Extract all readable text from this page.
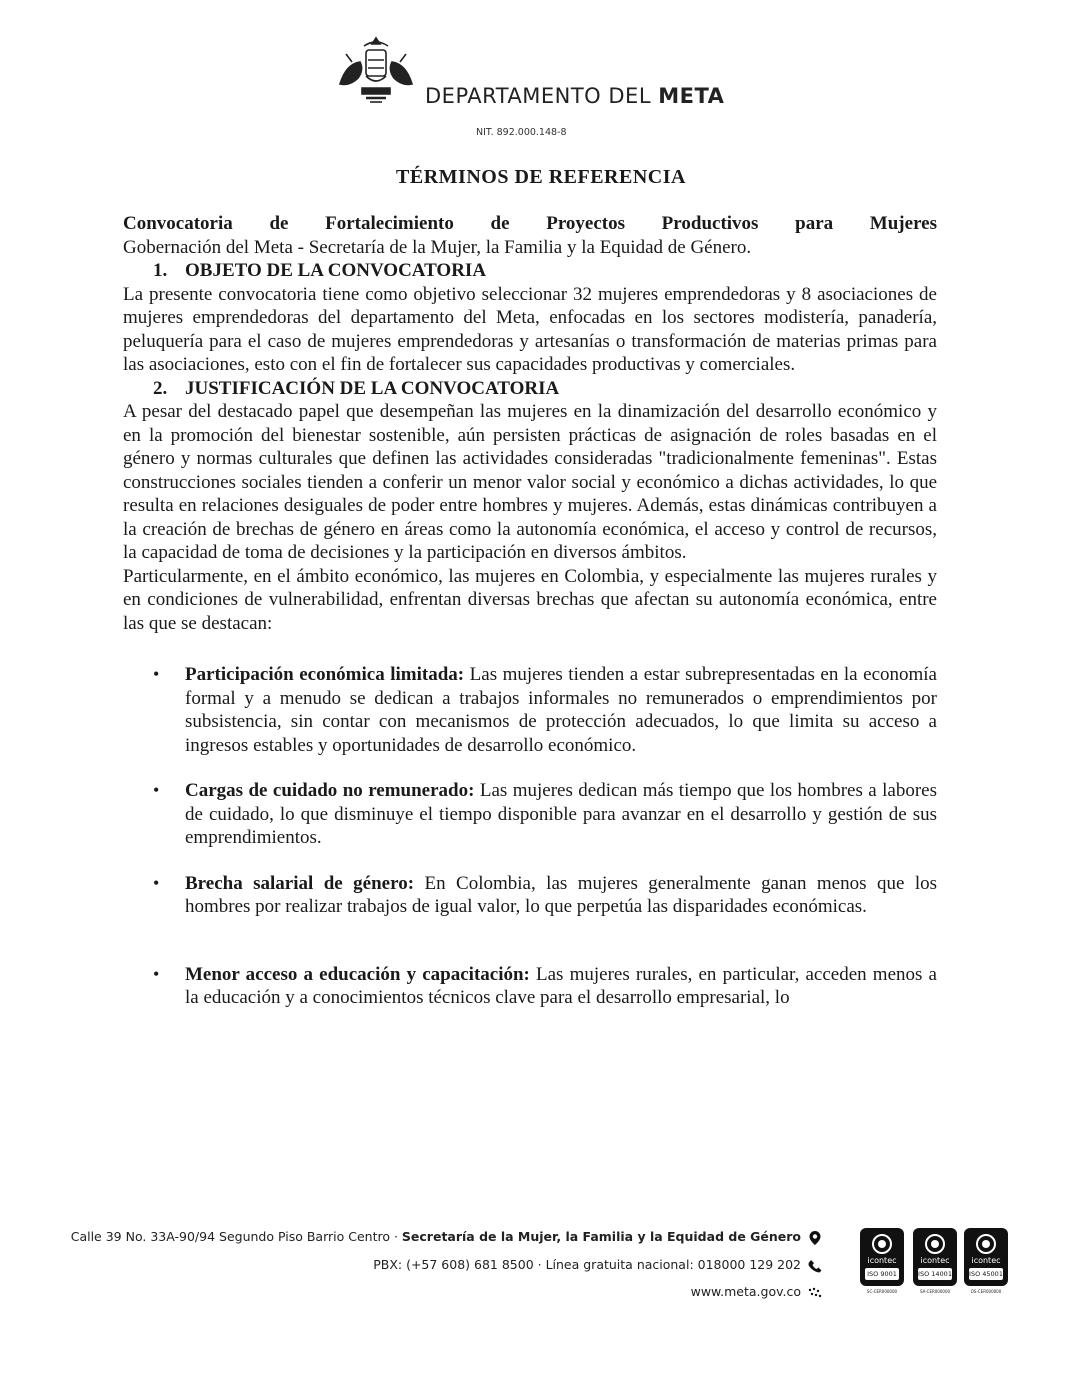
DEPARTAMENTO DEL META
NIT. 892.000.148-8
TÉRMINOS DE REFERENCIA

Convocatoria de Fortalecimiento de Proyectos Productivos para Mujeres
Gobernación del Meta - Secretaría de la Mujer, la Familia y la Equidad de Género.

1. OBJETO DE LA CONVOCATORIA

La presente convocatoria tiene como objetivo seleccionar 32 mujeres emprendedoras y 8 asociaciones de mujeres emprendedoras del departamento del Meta, enfocadas en los sectores modistería, panadería, peluquería para el caso de mujeres emprendedoras y artesanías o transformación de materias primas para las asociaciones, esto con el fin de fortalecer sus capacidades productivas y comerciales.

2. JUSTIFICACIÓN DE LA CONVOCATORIA

A pesar del destacado papel que desempeñan las mujeres en la dinamización del desarrollo económico y en la promoción del bienestar sostenible, aún persisten prácticas de asignación de roles basadas en el género y normas culturales que definen las actividades consideradas "tradicionalmente femeninas". Estas construcciones sociales tienden a conferir un menor valor social y económico a dichas actividades, lo que resulta en relaciones desiguales de poder entre hombres y mujeres. Además, estas dinámicas contribuyen a la creación de brechas de género en áreas como la autonomía económica, el acceso y control de recursos, la capacidad de toma de decisiones y la participación en diversos ámbitos.

Particularmente, en el ámbito económico, las mujeres en Colombia, y especialmente las mujeres rurales y en condiciones de vulnerabilidad, enfrentan diversas brechas que afectan su autonomía económica, entre las que se destacan:

• Participación económica limitada: Las mujeres tienden a estar subrepresentadas en la economía formal y a menudo se dedican a trabajos informales no remunerados o emprendimientos por subsistencia, sin contar con mecanismos de protección adecuados, lo que limita su acceso a ingresos estables y oportunidades de desarrollo económico.
• Cargas de cuidado no remunerado: Las mujeres dedican más tiempo que los hombres a labores de cuidado, lo que disminuye el tiempo disponible para avanzar en el desarrollo y gestión de sus emprendimientos.
• Brecha salarial de género: En Colombia, las mujeres generalmente ganan menos que los hombres por realizar trabajos de igual valor, lo que perpetúa las disparidades económicas.
• Menor acceso a educación y capacitación: Las mujeres rurales, en particular, acceden menos a la educación y a conocimientos técnicos clave para el desarrollo empresarial, lo
Calle 39 No. 33A-90/94 Segundo Piso Barrio Centro · Secretaría de la Mujer, la Familia y la Equidad de Género
PBX: (+57 608) 681 8500 · Línea gratuita nacional: 018000 129 202
www.meta.gov.co
icontec
ISO 9001
SC-CER000000
icontec
ISO 14001
SA-CER000000
icontec
ISO 45001
OS-CER000000
